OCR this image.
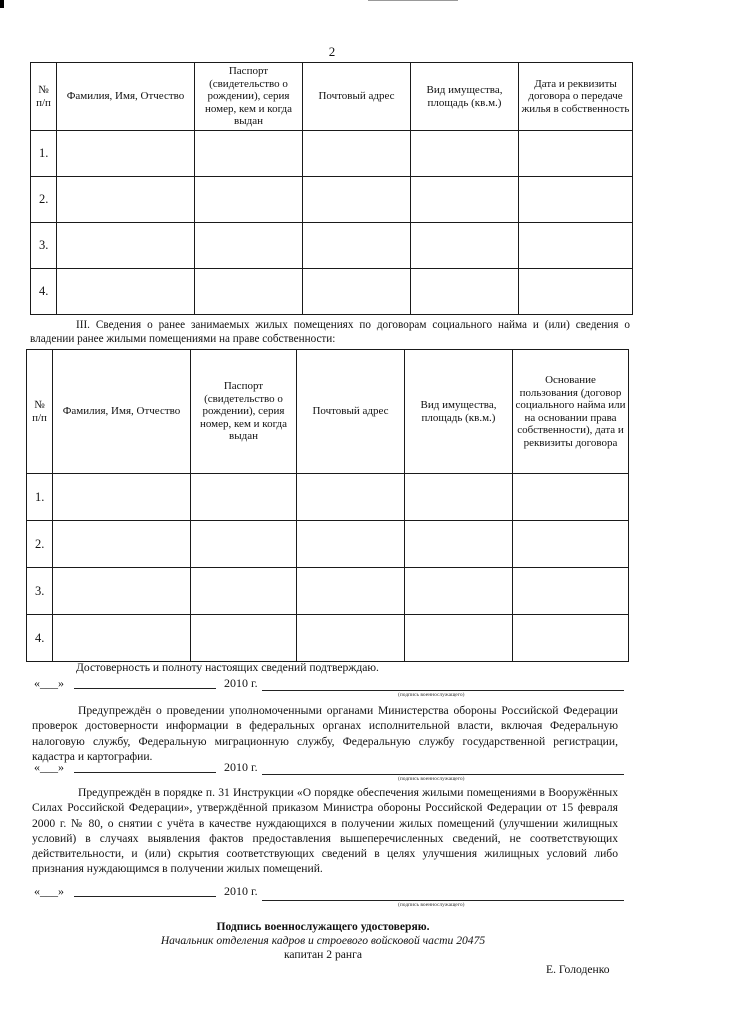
2
№ п/п	Фамилия, Имя, Отчество	Паспорт (свидетельство о рождении), серия номер, кем и когда выдан	Почтовый адрес	Вид имущества, площадь (кв.м.)	Дата и реквизиты договора о передаче жилья в собственность
1.					
2.					
3.					
4.					
III. Сведения о ранее занимаемых жилых помещениях по договорам социального найма и (или) сведения о владении ранее жилыми помещениями на праве собственности:
№ п/п	Фамилия, Имя, Отчество	Паспорт (свидетельство о рождении), серия номер, кем и когда выдан	Почтовый адрес	Вид имущества, площадь (кв.м.)	Основание пользования (договор социального найма или на основании права собственности), дата и реквизиты договора
1.					
2.					
3.					
4.					
Достоверность и полноту настоящих сведений подтверждаю.
«___»	2010 г.
(подпись военнослужащего)
Предупреждён о проведении уполномоченными органами Министерства обороны Российской Федерации проверок достоверности информации в федеральных органах исполнительной власти, включая Федеральную налоговую службу, Федеральную миграционную службу, Федеральную службу государственной регистрации, кадастра и картографии.
«___»	2010 г.
(подпись военнослужащего)
Предупреждён в порядке п. 31 Инструкции «О порядке обеспечения жилыми помещениями в Вооружённых Силах Российской Федерации», утверждённой приказом Министра обороны Российской Федерации от 15 февраля 2000 г. № 80, о снятии с учёта в качестве нуждающихся в получении жилых помещений (улучшении жилищных условий) в случаях выявления фактов предоставления вышеперечисленных сведений, не соответствующих действительности, и (или) скрытия соответствующих сведений в целях улучшения жилищных условий либо признания нуждающимся в получении жилых помещений.
«___»	2010 г.
(подпись военнослужащего)
Подпись военнослужащего удостоверяю.
Начальник отделения кадров и строевого войсковой части 20475
капитан 2 ранга
Е. Голоденко
